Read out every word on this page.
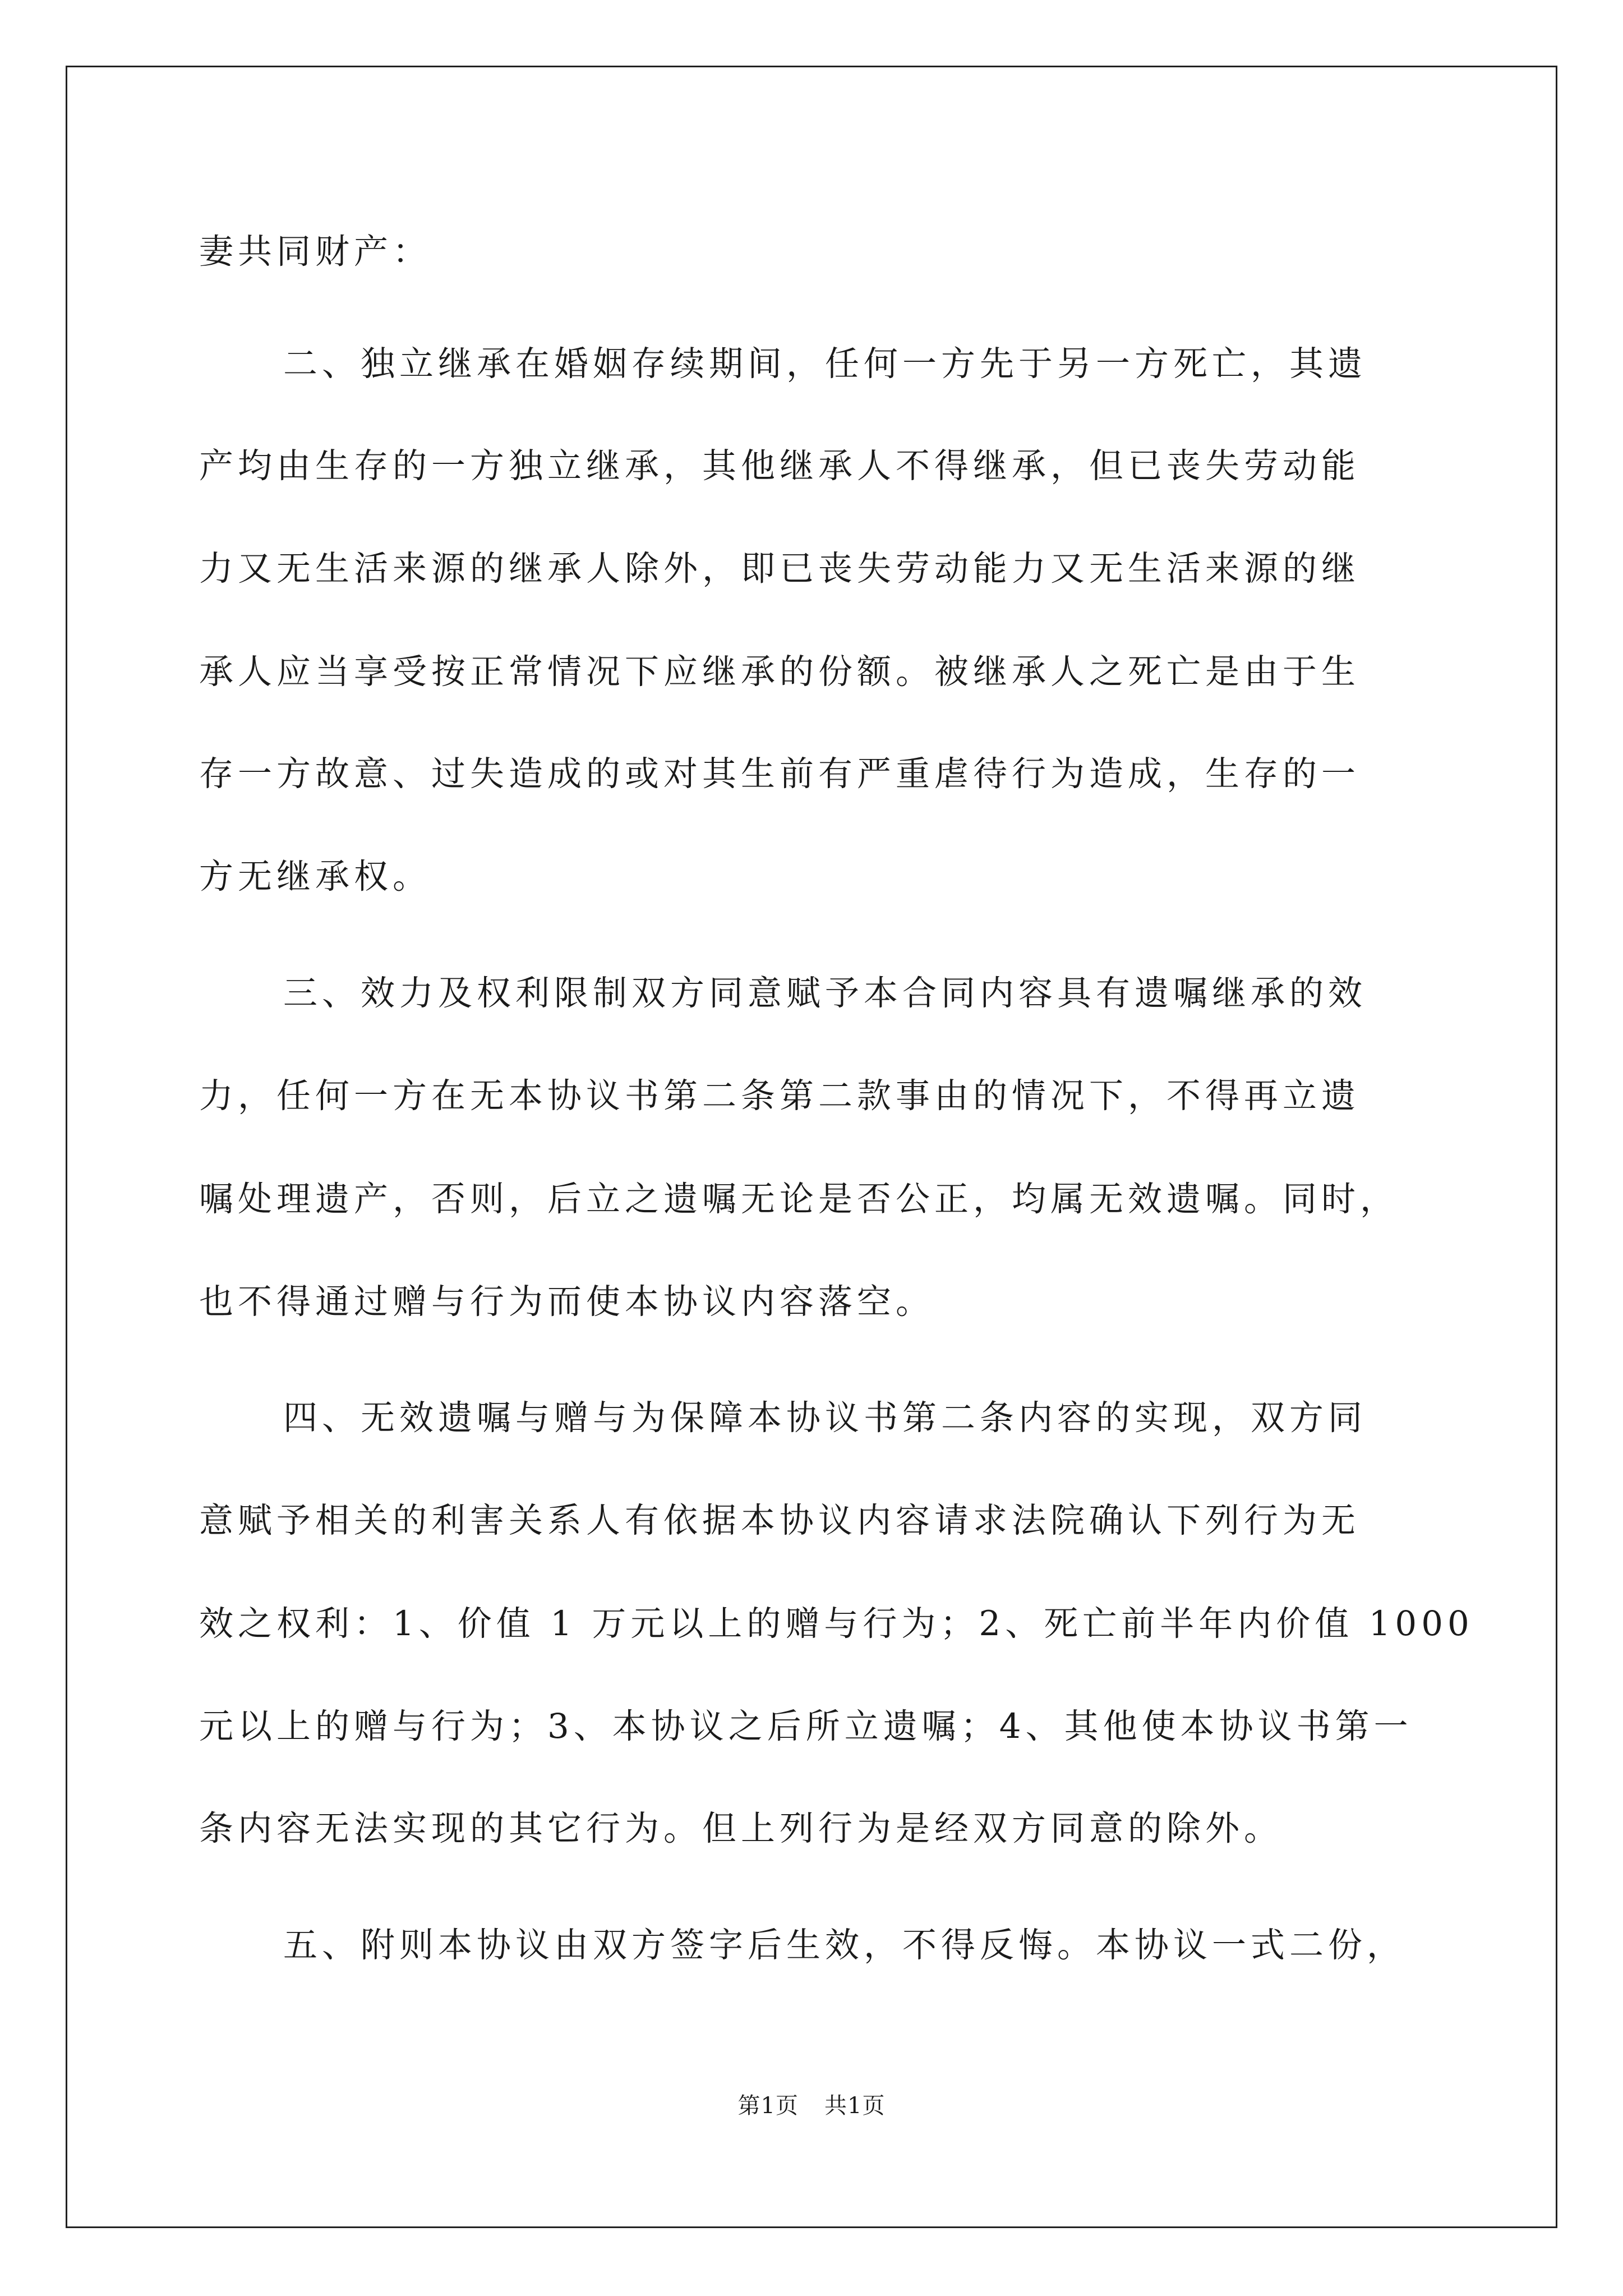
妻共同财产：
二、独立继承在婚姻存续期间，任何一方先于另一方死亡，其遗
产均由生存的一方独立继承，其他继承人不得继承，但已丧失劳动能
力又无生活来源的继承人除外，即已丧失劳动能力又无生活来源的继
承人应当享受按正常情况下应继承的份额。被继承人之死亡是由于生
存一方故意、过失造成的或对其生前有严重虐待行为造成，生存的一
方无继承权。
三、效力及权利限制双方同意赋予本合同内容具有遗嘱继承的效
力，任何一方在无本协议书第二条第二款事由的情况下，不得再立遗
嘱处理遗产，否则，后立之遗嘱无论是否公正，均属无效遗嘱。同时，
也不得通过赠与行为而使本协议内容落空。
四、无效遗嘱与赠与为保障本协议书第二条内容的实现，双方同
意赋予相关的利害关系人有依据本协议内容请求法院确认下列行为无
效之权利：1、价值 1 万元以上的赠与行为；2、死亡前半年内价值 1000
元以上的赠与行为；3、本协议之后所立遗嘱；4、其他使本协议书第一
条内容无法实现的其它行为。但上列行为是经双方同意的除外。
五、附则本协议由双方签字后生效，不得反悔。本协议一式二份，
第1页 共1页
